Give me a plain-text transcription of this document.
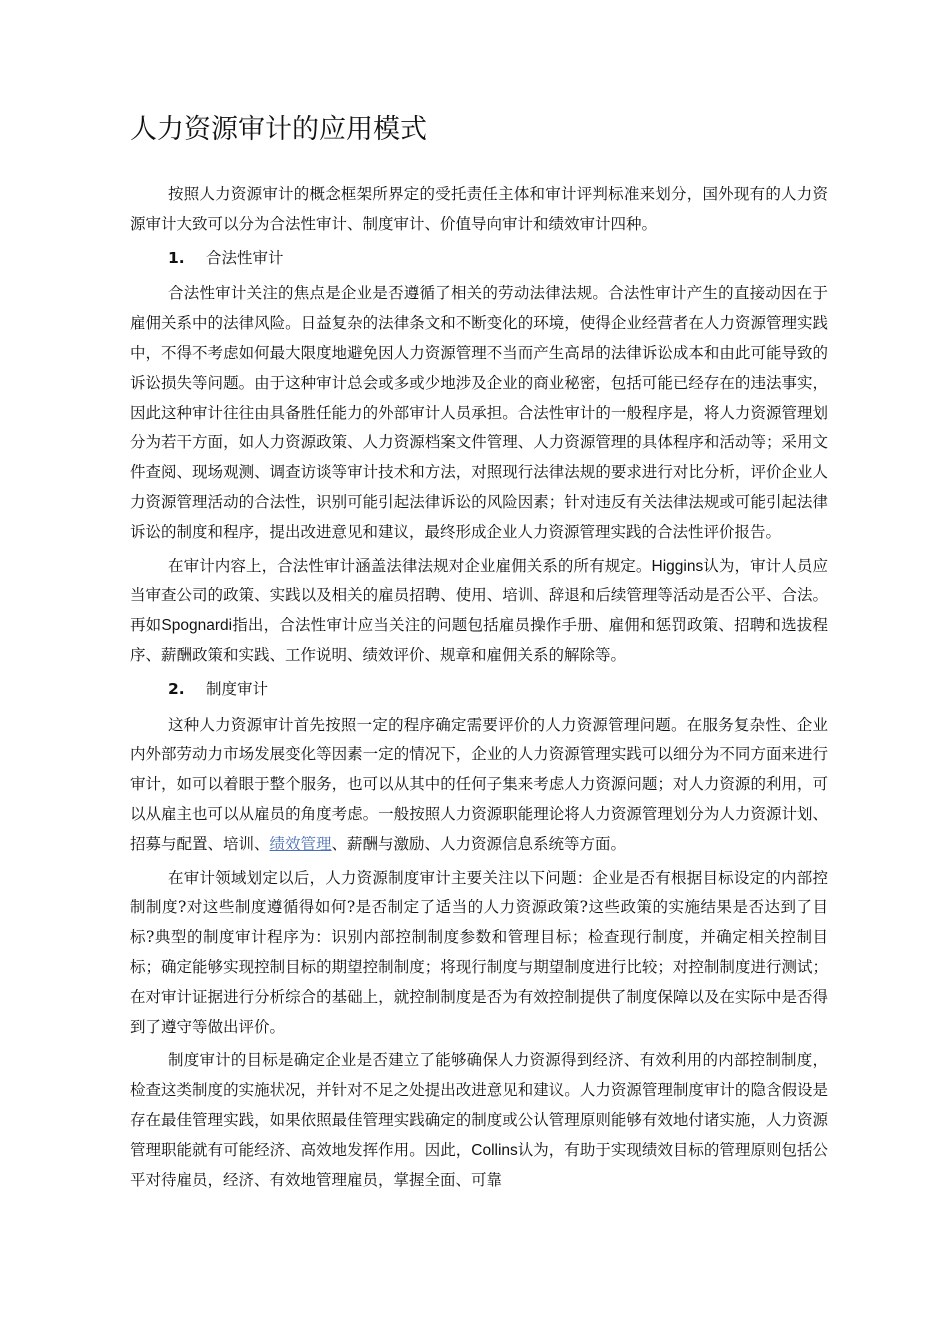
人力资源审计的应用模式

按照人力资源审计的概念框架所界定的受托责任主体和审计评判标准来划分，国外现有的人力资源审计大致可以分为合法性审计、制度审计、价值导向审计和绩效审计四种。

1. 合法性审计

合法性审计关注的焦点是企业是否遵循了相关的劳动法律法规。合法性审计产生的直接动因在于雇佣关系中的法律风险。日益复杂的法律条文和不断变化的环境，使得企业经营者在人力资源管理实践中，不得不考虑如何最大限度地避免因人力资源管理不当而产生高昂的法律诉讼成本和由此可能导致的诉讼损失等问题。由于这种审计总会或多或少地涉及企业的商业秘密，包括可能已经存在的违法事实，因此这种审计往往由具备胜任能力的外部审计人员承担。合法性审计的一般程序是，将人力资源管理划分为若干方面，如人力资源政策、人力资源档案文件管理、人力资源管理的具体程序和活动等；采用文件查阅、现场观测、调查访谈等审计技术和方法，对照现行法律法规的要求进行对比分析，评价企业人力资源管理活动的合法性，识别可能引起法律诉讼的风险因素；针对违反有关法律法规或可能引起法律诉讼的制度和程序，提出改进意见和建议，最终形成企业人力资源管理实践的合法性评价报告。

在审计内容上，合法性审计涵盖法律法规对企业雇佣关系的所有规定。Higgins认为，审计人员应当审查公司的政策、实践以及相关的雇员招聘、使用、培训、辞退和后续管理等活动是否公平、合法。再如Spognardi指出，合法性审计应当关注的问题包括雇员操作手册、雇佣和惩罚政策、招聘和选拔程序、薪酬政策和实践、工作说明、绩效评价、规章和雇佣关系的解除等。

2. 制度审计

这种人力资源审计首先按照一定的程序确定需要评价的人力资源管理问题。在服务复杂性、企业内外部劳动力市场发展变化等因素一定的情况下，企业的人力资源管理实践可以细分为不同方面来进行审计，如可以着眼于整个服务，也可以从其中的任何子集来考虑人力资源问题；对人力资源的利用，可以从雇主也可以从雇员的角度考虑。一般按照人力资源职能理论将人力资源管理划分为人力资源计划、招募与配置、培训、绩效管理、薪酬与激励、人力资源信息系统等方面。

在审计领域划定以后，人力资源制度审计主要关注以下问题：企业是否有根据目标设定的内部控制制度?对这些制度遵循得如何?是否制定了适当的人力资源政策?这些政策的实施结果是否达到了目标?典型的制度审计程序为：识别内部控制制度参数和管理目标；检查现行制度，并确定相关控制目标；确定能够实现控制目标的期望控制制度；将现行制度与期望制度进行比较；对控制制度进行测试；在对审计证据进行分析综合的基础上，就控制制度是否为有效控制提供了制度保障以及在实际中是否得到了遵守等做出评价。

制度审计的目标是确定企业是否建立了能够确保人力资源得到经济、有效利用的内部控制制度，检查这类制度的实施状况，并针对不足之处提出改进意见和建议。人力资源管理制度审计的隐含假设是存在最佳管理实践，如果依照最佳管理实践确定的制度或公认管理原则能够有效地付诸实施，人力资源管理职能就有可能经济、高效地发挥作用。因此，Collins认为，有助于实现绩效目标的管理原则包括公平对待雇员，经济、有效地管理雇员，掌握全面、可靠
